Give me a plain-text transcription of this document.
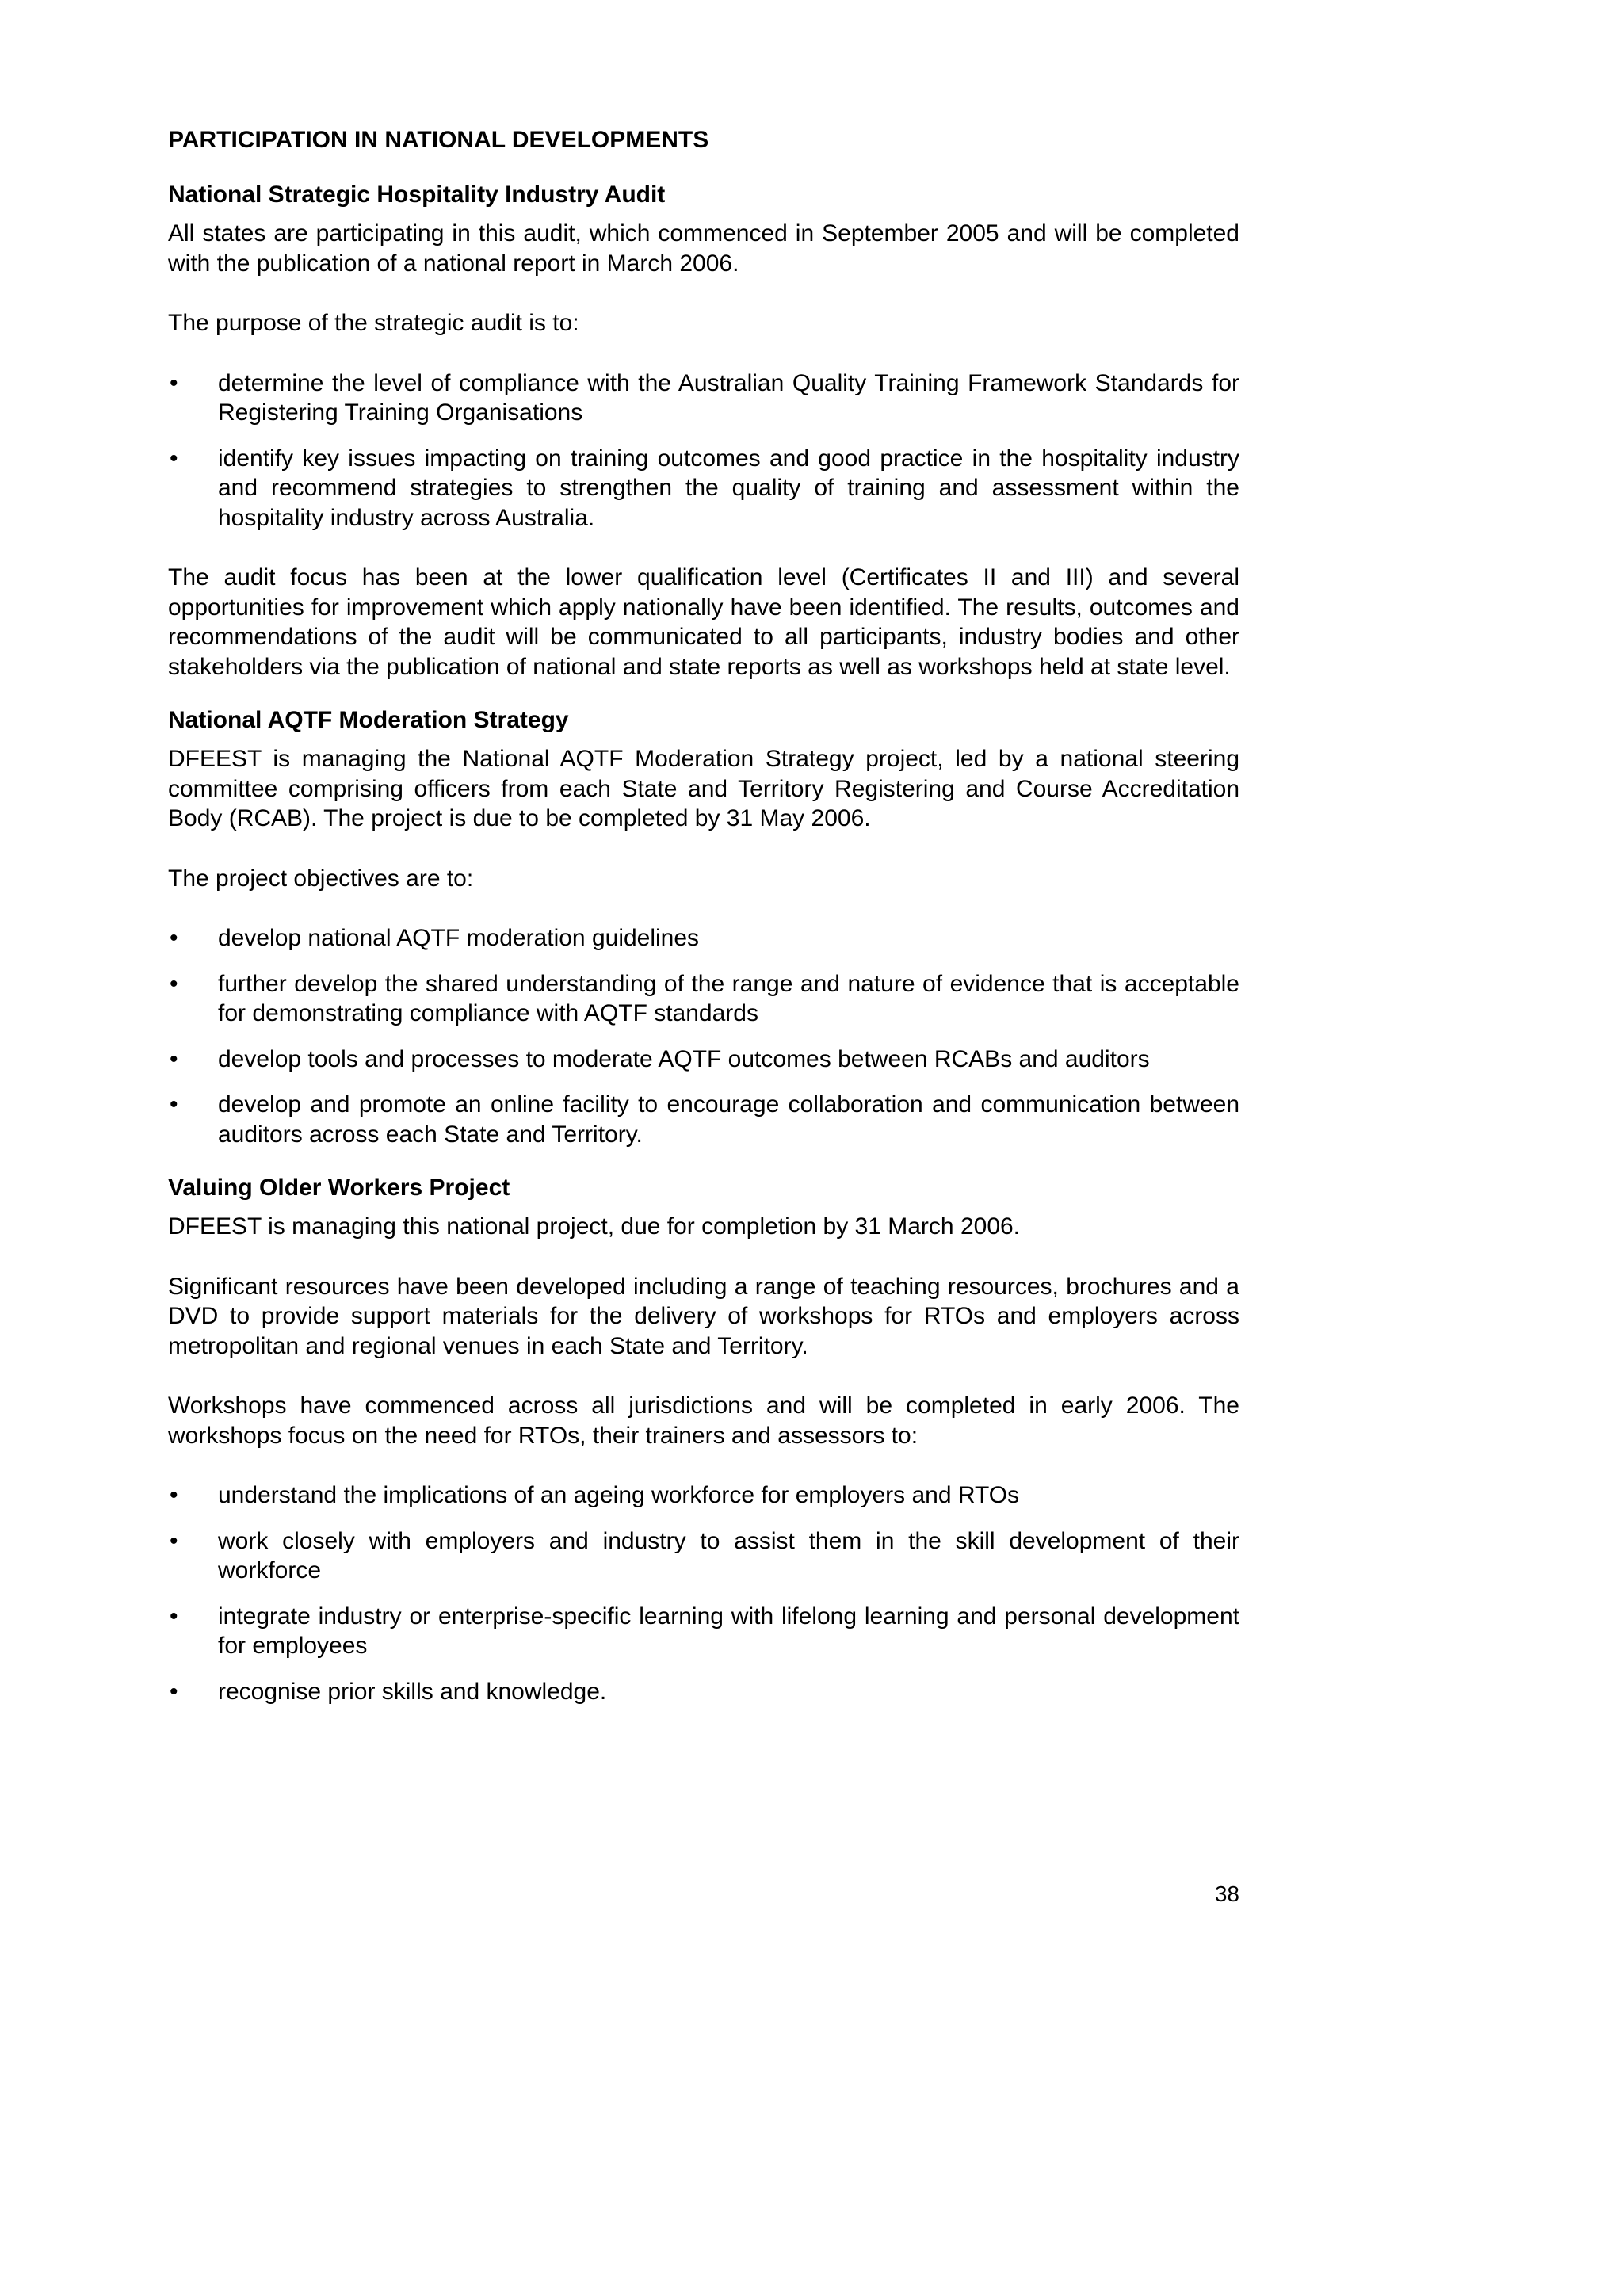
PARTICIPATION IN NATIONAL DEVELOPMENTS
National Strategic Hospitality Industry Audit

All states are participating in this audit, which commenced in September 2005 and will be completed with the publication of a national report in March 2006.

The purpose of the strategic audit is to:

• determine the level of compliance with the Australian Quality Training Framework Standards for Registering Training Organisations
• identify key issues impacting on training outcomes and good practice in the hospitality industry and recommend strategies to strengthen the quality of training and assessment within the hospitality industry across Australia.

The audit focus has been at the lower qualification level (Certificates II and III) and several opportunities for improvement which apply nationally have been identified. The results, outcomes and recommendations of the audit will be communicated to all participants, industry bodies and other stakeholders via the publication of national and state reports as well as workshops held at state level.

National AQTF Moderation Strategy

DFEEST is managing the National AQTF Moderation Strategy project, led by a national steering committee comprising officers from each State and Territory Registering and Course Accreditation Body (RCAB). The project is due to be completed by 31 May 2006.

The project objectives are to:

• develop national AQTF moderation guidelines
• further develop the shared understanding of the range and nature of evidence that is acceptable for demonstrating compliance with AQTF standards
• develop tools and processes to moderate AQTF outcomes between RCABs and auditors
• develop and promote an online facility to encourage collaboration and communication between auditors across each State and Territory.
Valuing Older Workers Project

DFEEST is managing this national project, due for completion by 31 March 2006.

Significant resources have been developed including a range of teaching resources, brochures and a DVD to provide support materials for the delivery of workshops for RTOs and employers across metropolitan and regional venues in each State and Territory.

Workshops have commenced across all jurisdictions and will be completed in early 2006. The workshops focus on the need for RTOs, their trainers and assessors to:

• understand the implications of an ageing workforce for employers and RTOs
• work closely with employers and industry to assist them in the skill development of their workforce
• integrate industry or enterprise-specific learning with lifelong learning and personal development for employees
• recognise prior skills and knowledge.
38
